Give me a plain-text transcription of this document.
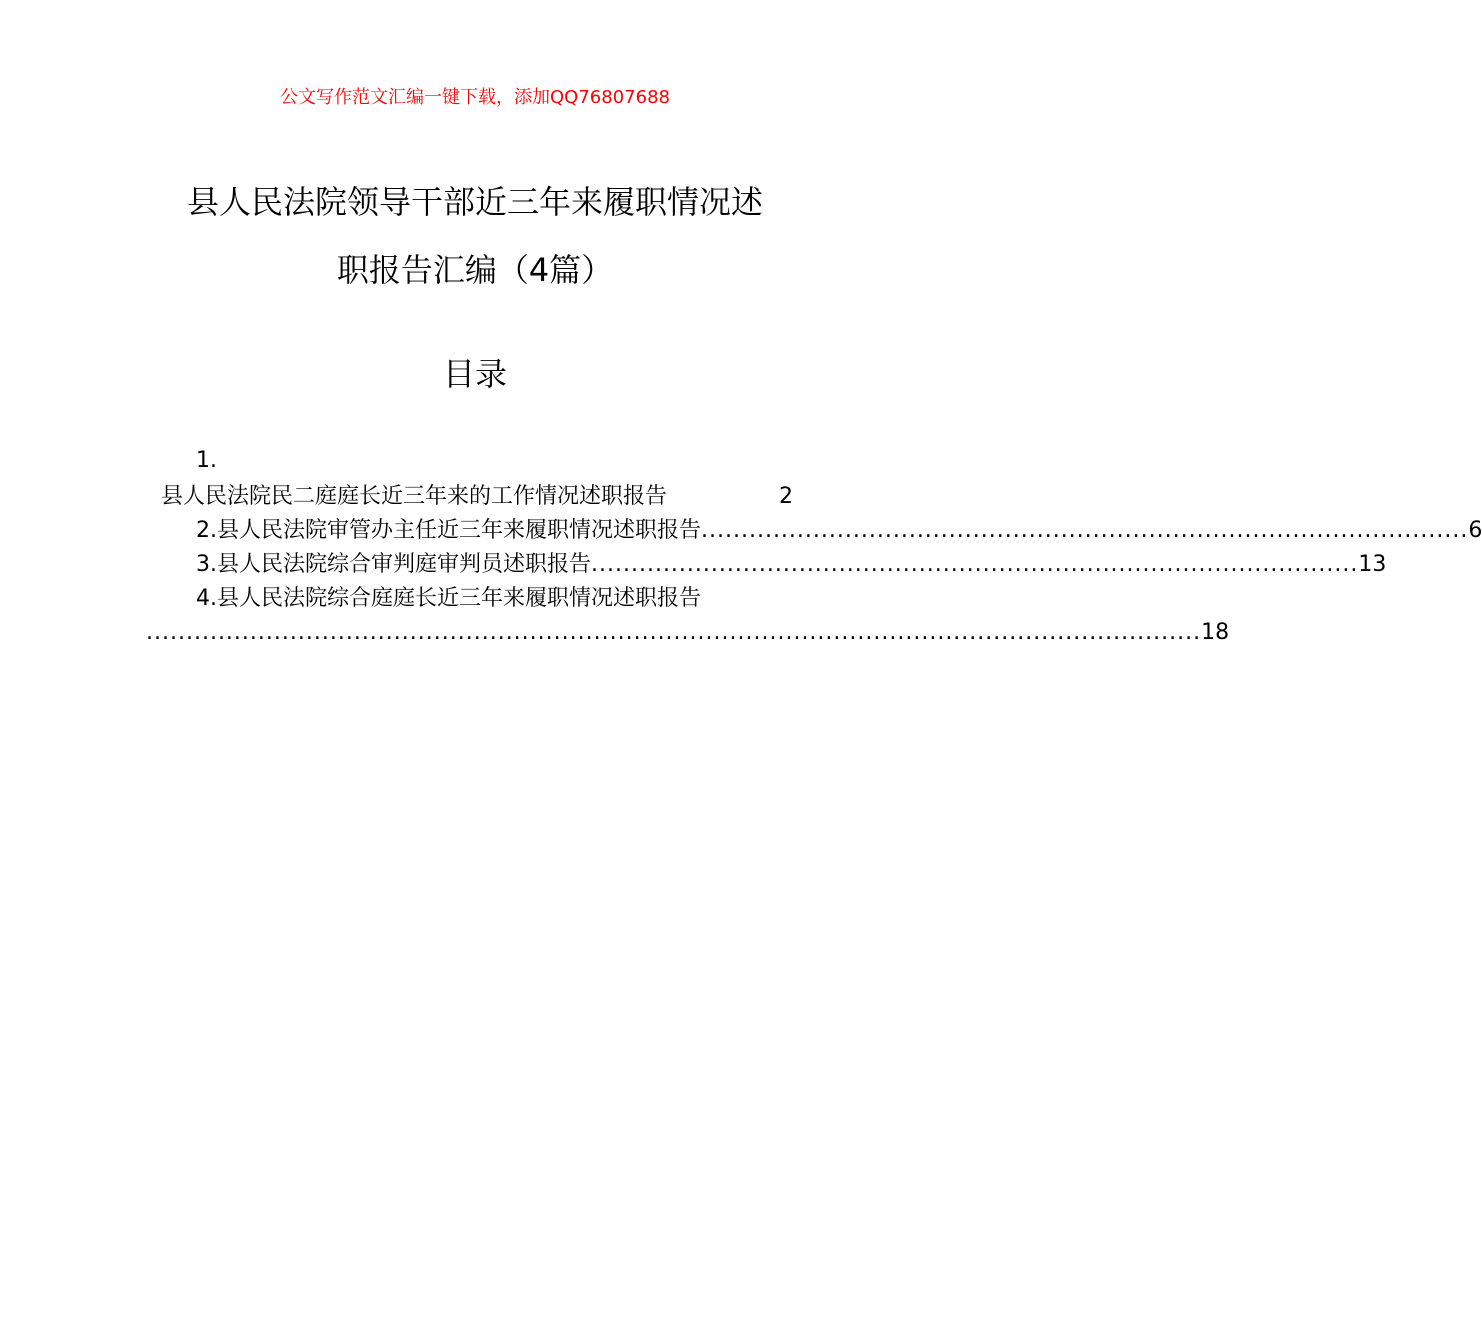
公文写作范文汇编一键下载，添加QQ76807688
县人民法院领导干部近三年来履职情况述
职报告汇编（4篇）
目录
1.
县人民法院民二庭庭长近三年来的工作情况述职报告	2
2.县人民法院审管办主任近三年来履职情况述职报告 ................................................................................................ 6
3.县人民法院综合审判庭审判员述职报告 ................................................................................................ 13
4.县人民法院综合庭庭长近三年来履职情况述职报告
.................................................................................................................................... 18
